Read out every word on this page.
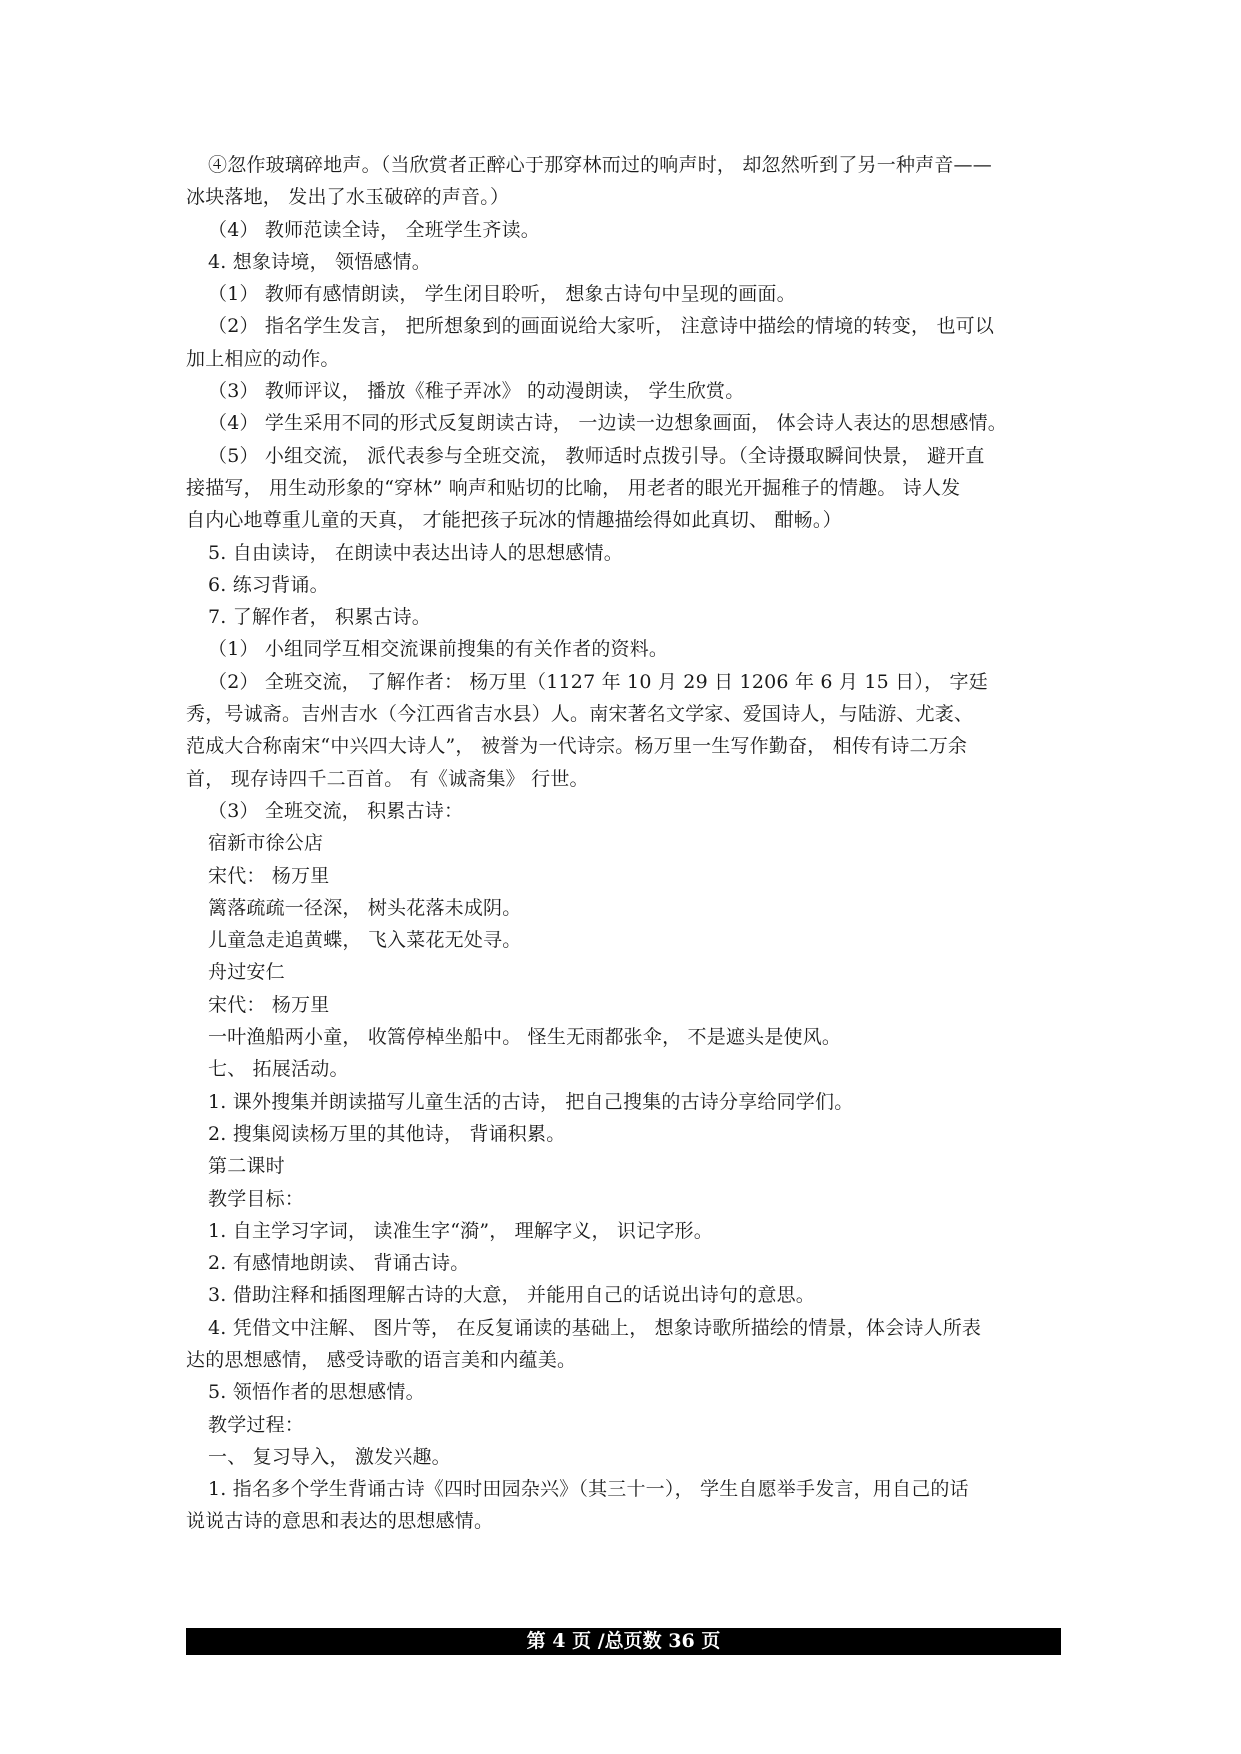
④忽作玻璃碎地声。（当欣赏者正醉心于那穿林而过的响声时， 却忽然听到了另一种声音——
冰块落地， 发出了水玉破碎的声音。）
（4） 教师范读全诗， 全班学生齐读。
4. 想象诗境， 领悟感情。
（1） 教师有感情朗读， 学生闭目聆听， 想象古诗句中呈现的画面。
（2） 指名学生发言， 把所想象到的画面说给大家听， 注意诗中描绘的情境的转变， 也可以
加上相应的动作。
（3） 教师评议， 播放《稚子弄冰》 的动漫朗读， 学生欣赏。
（4） 学生采用不同的形式反复朗读古诗， 一边读一边想象画面， 体会诗人表达的思想感情。
（5） 小组交流， 派代表参与全班交流， 教师适时点拨引导。（全诗摄取瞬间快景， 避开直
接描写， 用生动形象的“穿林” 响声和贴切的比喻， 用老者的眼光开掘稚子的情趣。 诗人发
自内心地尊重儿童的天真， 才能把孩子玩冰的情趣描绘得如此真切、 酣畅。）
5. 自由读诗， 在朗读中表达出诗人的思想感情。
6. 练习背诵。
7. 了解作者， 积累古诗。
（1） 小组同学互相交流课前搜集的有关作者的资料。
（2） 全班交流， 了解作者： 杨万里（1127 年 10 月 29 日 1206 年 6 月 15 日）， 字廷
秀，号诚斋。吉州吉水（今江西省吉水县）人。南宋著名文学家、爱国诗人，与陆游、尤袤、
范成大合称南宋“中兴四大诗人”， 被誉为一代诗宗。杨万里一生写作勤奋， 相传有诗二万余
首， 现存诗四千二百首。 有《诚斋集》 行世。
（3） 全班交流， 积累古诗：
宿新市徐公店
宋代： 杨万里
篱落疏疏一径深， 树头花落未成阴。
儿童急走追黄蝶， 飞入菜花无处寻。
舟过安仁
宋代： 杨万里
一叶渔船两小童， 收篙停棹坐船中。 怪生无雨都张伞， 不是遮头是使风。
七、 拓展活动。
1. 课外搜集并朗读描写儿童生活的古诗， 把自己搜集的古诗分享给同学们。
2. 搜集阅读杨万里的其他诗， 背诵积累。
第二课时
教学目标：
1. 自主学习字词， 读准生字“漪”， 理解字义， 识记字形。
2. 有感情地朗读、 背诵古诗。
3. 借助注释和插图理解古诗的大意， 并能用自己的话说出诗句的意思。
4. 凭借文中注解、 图片等， 在反复诵读的基础上， 想象诗歌所描绘的情景，体会诗人所表
达的思想感情， 感受诗歌的语言美和内蕴美。
5. 领悟作者的思想感情。
教学过程：
一、 复习导入， 激发兴趣。
1. 指名多个学生背诵古诗《四时田园杂兴》（其三十一）， 学生自愿举手发言，用自己的话
说说古诗的意思和表达的思想感情。
第 4 页 /总页数 36 页
